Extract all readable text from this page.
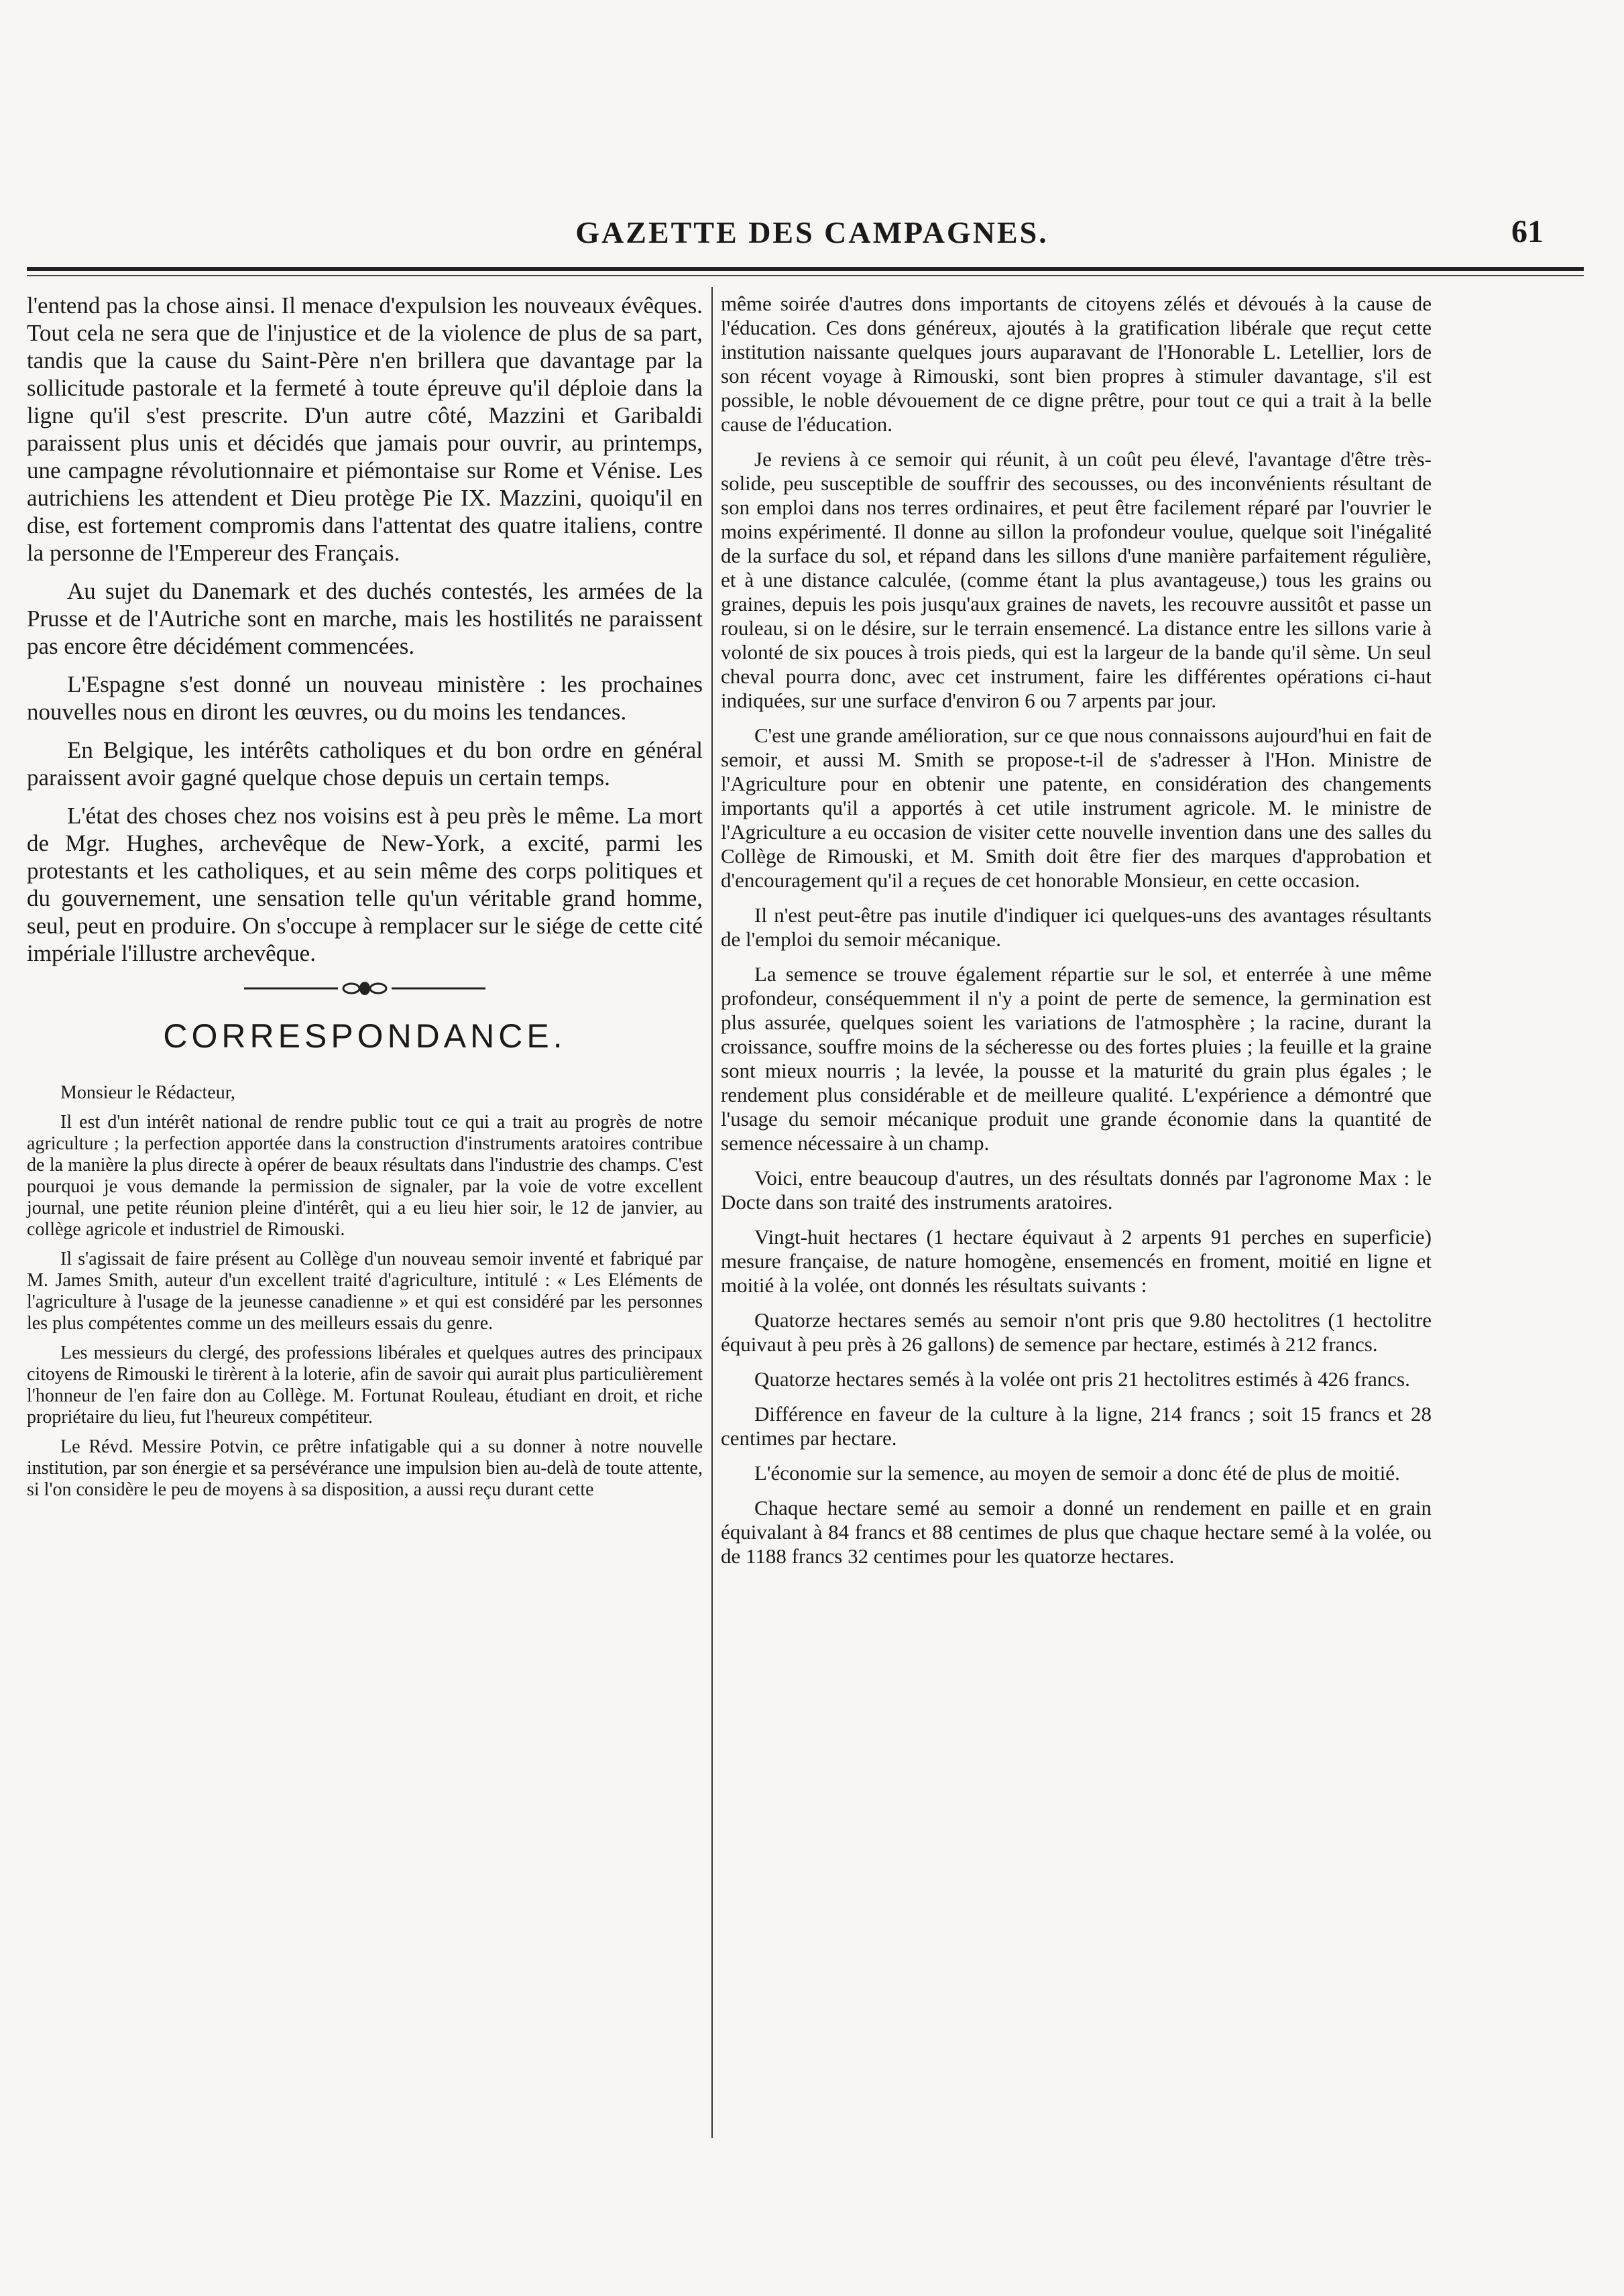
GAZETTE DES CAMPAGNES.	61

l'entend pas la chose ainsi. Il menace d'expulsion les nouveaux évêques. Tout cela ne sera que de l'injustice et de la violence de plus de sa part, tandis que la cause du Saint-Père n'en brillera que davantage par la sollicitude pastorale et la fermeté à toute épreuve qu'il déploie dans la ligne qu'il s'est prescrite. D'un autre côté, Mazzini et Garibaldi paraissent plus unis et décidés que jamais pour ouvrir, au printemps, une campagne révolutionnaire et piémontaise sur Rome et Vénise. Les autrichiens les attendent et Dieu protège Pie IX. Mazzini, quoiqu'il en dise, est fortement compromis dans l'attentat des quatre italiens, contre la personne de l'Empereur des Français.

Au sujet du Danemark et des duchés contestés, les armées de la Prusse et de l'Autriche sont en marche, mais les hostilités ne paraissent pas encore être décidément commencées.

L'Espagne s'est donné un nouveau ministère : les prochaines nouvelles nous en diront les œuvres, ou du moins les tendances.

En Belgique, les intérêts catholiques et du bon ordre en général paraissent avoir gagné quelque chose depuis un certain temps.

L'état des choses chez nos voisins est à peu près le même. La mort de Mgr. Hughes, archevêque de New-York, a excité, parmi les protestants et les catholiques, et au sein même des corps politiques et du gouvernement, une sensation telle qu'un véritable grand homme, seul, peut en produire. On s'occupe à remplacer sur le siége de cette cité impériale l'illustre archevêque.

CORRESPONDANCE.

Monsieur le Rédacteur,

Il est d'un intérêt national de rendre public tout ce qui a trait au progrès de notre agriculture ; la perfection apportée dans la construction d'instruments aratoires contribue de la manière la plus directe à opérer de beaux résultats dans l'industrie des champs. C'est pourquoi je vous demande la permission de signaler, par la voie de votre excellent journal, une petite réunion pleine d'intérêt, qui a eu lieu hier soir, le 12 de janvier, au collège agricole et industriel de Rimouski.

Il s'agissait de faire présent au Collège d'un nouveau semoir inventé et fabriqué par M. James Smith, auteur d'un excellent traité d'agriculture, intitulé : « Les Eléments de l'agriculture à l'usage de la jeunesse canadienne » et qui est considéré par les personnes les plus compétentes comme un des meilleurs essais du genre.

Les messieurs du clergé, des professions libérales et quelques autres des principaux citoyens de Rimouski le tirèrent à la loterie, afin de savoir qui aurait plus particulièrement l'honneur de l'en faire don au Collège. M. Fortunat Rouleau, étudiant en droit, et riche propriétaire du lieu, fut l'heureux compétiteur.

Le Révd. Messire Potvin, ce prêtre infatigable qui a su donner à notre nouvelle institution, par son énergie et sa persévérance une impulsion bien au-delà de toute attente, si l'on considère le peu de moyens à sa disposition, a aussi reçu durant cette

même soirée d'autres dons importants de citoyens zélés et dévoués à la cause de l'éducation. Ces dons généreux, ajoutés à la gratification libérale que reçut cette institution naissante quelques jours auparavant de l'Honorable L. Letellier, lors de son récent voyage à Rimouski, sont bien propres à stimuler davantage, s'il est possible, le noble dévouement de ce digne prêtre, pour tout ce qui a trait à la belle cause de l'éducation.

Je reviens à ce semoir qui réunit, à un coût peu élevé, l'avantage d'être très-solide, peu susceptible de souffrir des secousses, ou des inconvénients résultant de son emploi dans nos terres ordinaires, et peut être facilement réparé par l'ouvrier le moins expérimenté. Il donne au sillon la profondeur voulue, quelque soit l'inégalité de la surface du sol, et répand dans les sillons d'une manière parfaitement régulière, et à une distance calculée, (comme étant la plus avantageuse,) tous les grains ou graines, depuis les pois jusqu'aux graines de navets, les recouvre aussitôt et passe un rouleau, si on le désire, sur le terrain ensemencé. La distance entre les sillons varie à volonté de six pouces à trois pieds, qui est la largeur de la bande qu'il sème. Un seul cheval pourra donc, avec cet instrument, faire les différentes opérations ci-haut indiquées, sur une surface d'environ 6 ou 7 arpents par jour.

C'est une grande amélioration, sur ce que nous connaissons aujourd'hui en fait de semoir, et aussi M. Smith se propose-t-il de s'adresser à l'Hon. Ministre de l'Agriculture pour en obtenir une patente, en considération des changements importants qu'il a apportés à cet utile instrument agricole. M. le ministre de l'Agriculture a eu occasion de visiter cette nouvelle invention dans une des salles du Collège de Rimouski, et M. Smith doit être fier des marques d'approbation et d'encouragement qu'il a reçues de cet honorable Monsieur, en cette occasion.

Il n'est peut-être pas inutile d'indiquer ici quelques-uns des avantages résultants de l'emploi du semoir mécanique.

La semence se trouve également répartie sur le sol, et enterrée à une même profondeur, conséquemment il n'y a point de perte de semence, la germination est plus assurée, quelques soient les variations de l'atmosphère ; la racine, durant la croissance, souffre moins de la sécheresse ou des fortes pluies ; la feuille et la graine sont mieux nourris ; la levée, la pousse et la maturité du grain plus égales ; le rendement plus considérable et de meilleure qualité. L'expérience a démontré que l'usage du semoir mécanique produit une grande économie dans la quantité de semence nécessaire à un champ.

Voici, entre beaucoup d'autres, un des résultats donnés par l'agronome Max : le Docte dans son traité des instruments aratoires.

Vingt-huit hectares (1 hectare équivaut à 2 arpents 91 perches en superficie) mesure française, de nature homogène, ensemencés en froment, moitié en ligne et moitié à la volée, ont donnés les résultats suivants :

Quatorze hectares semés au semoir n'ont pris que 9.80 hectolitres (1 hectolitre équivaut à peu près à 26 gallons) de semence par hectare, estimés à 212 francs.

Quatorze hectares semés à la volée ont pris 21 hectolitres estimés à 426 francs.

Différence en faveur de la culture à la ligne, 214 francs ; soit 15 francs et 28 centimes par hectare.

L'économie sur la semence, au moyen de semoir a donc été de plus de moitié.

Chaque hectare semé au semoir a donné un rendement en paille et en grain équivalant à 84 francs et 88 centimes de plus que chaque hectare semé à la volée, ou de 1188 francs 32 centimes pour les quatorze hectares.
